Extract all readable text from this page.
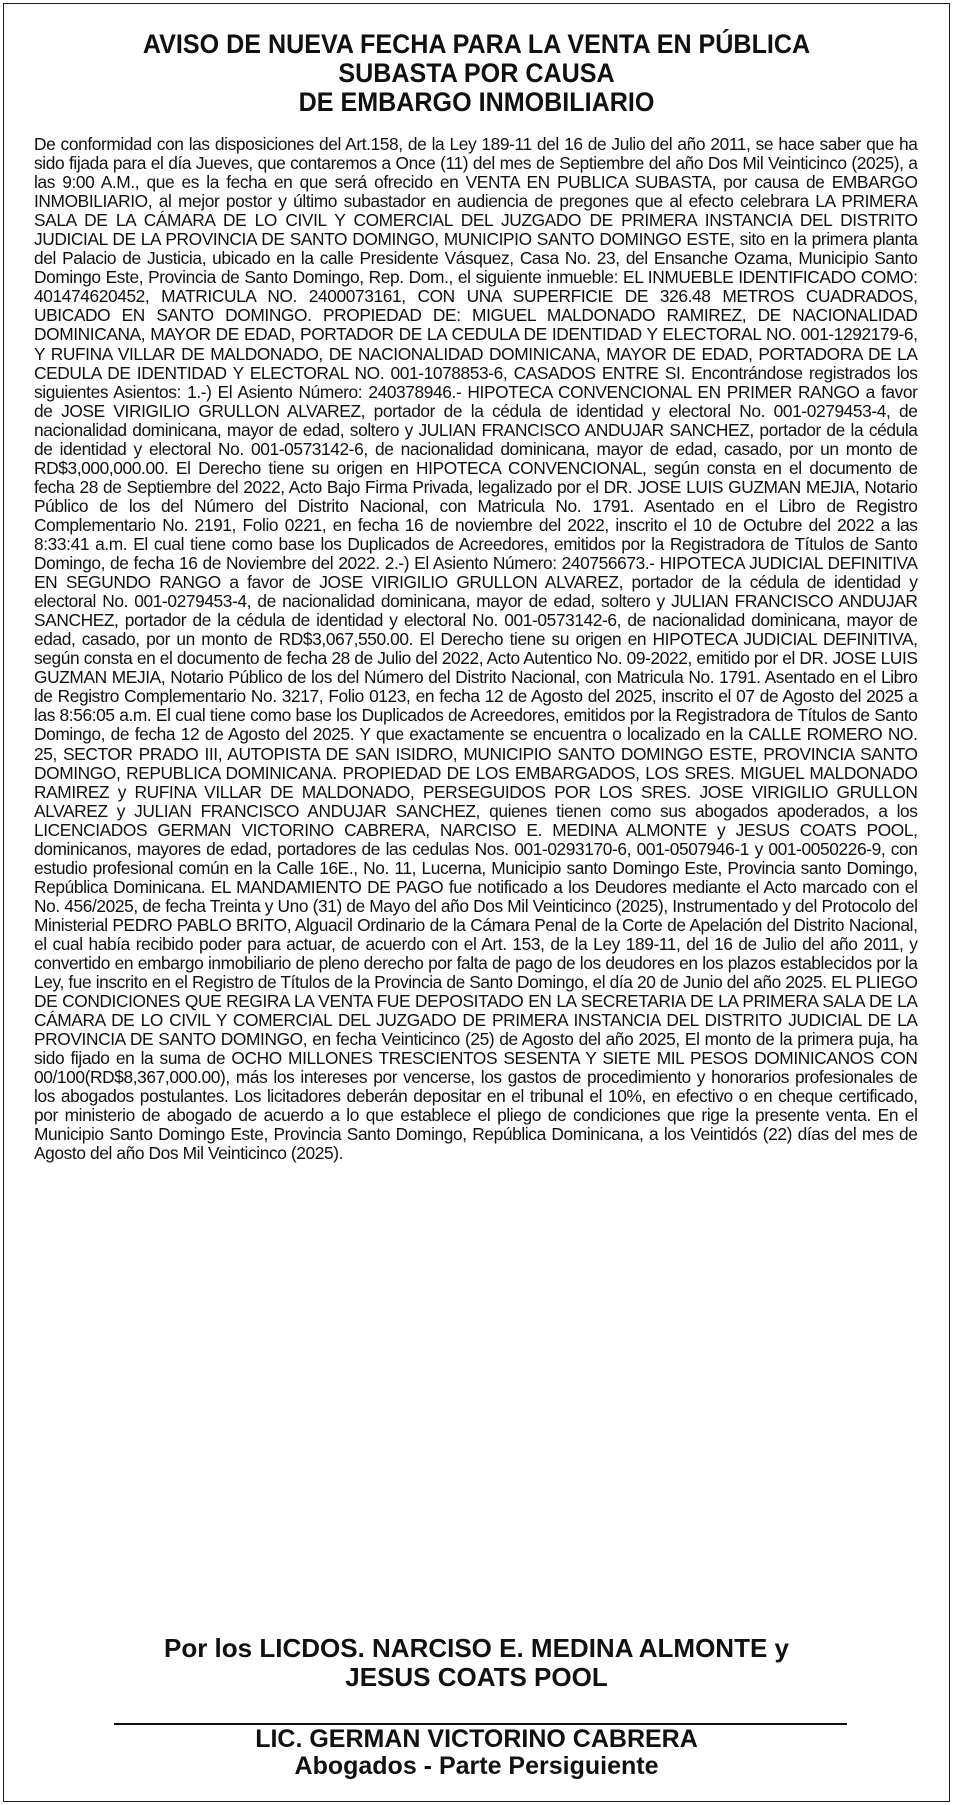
AVISO DE NUEVA FECHA PARA LA VENTA EN PÚBLICA
SUBASTA POR CAUSA
DE EMBARGO INMOBILIARIO

De conformidad con las disposiciones del Art.158, de la Ley 189-11 del 16 de Julio del año 2011, se hace saber que ha sido fijada para el día Jueves, que contaremos a Once (11) del mes de Septiembre del año Dos Mil Veinticinco (2025), a las 9:00 A.M., que es la fecha en que será ofrecido en VENTA EN PUBLICA SUBASTA, por causa de EMBARGO INMOBILIARIO, al mejor postor y último subastador en audiencia de pregones que al efecto celebrara LA PRIMERA SALA DE LA CÁMARA DE LO CIVIL Y COMERCIAL DEL JUZGADO DE PRIMERA INSTANCIA DEL DISTRITO JUDICIAL DE LA PROVINCIA DE SANTO DOMINGO, MUNICIPIO SANTO DOMINGO ESTE, sito en la primera planta del Palacio de Justicia, ubicado en la calle Presidente Vásquez, Casa No. 23, del Ensanche Ozama, Municipio Santo Domingo Este, Provincia de Santo Domingo, Rep. Dom., el siguiente inmueble: EL INMUEBLE IDENTIFICADO COMO: 401474620452, MATRICULA NO. 2400073161, CON UNA SUPERFICIE DE 326.48 METROS CUADRADOS, UBICADO EN SANTO DOMINGO. PROPIEDAD DE: MIGUEL MALDONADO RAMIREZ, DE NACIONALIDAD DOMINICANA, MAYOR DE EDAD, PORTADOR DE LA CEDULA DE IDENTIDAD Y ELECTORAL NO. 001-1292179-6, Y RUFINA VILLAR DE MALDONADO, DE NACIONALIDAD DOMINICANA, MAYOR DE EDAD, PORTADORA DE LA CEDULA DE IDENTIDAD Y ELECTORAL NO. 001-1078853-6, CASADOS ENTRE SI. Encontrándose registrados los siguientes Asientos: 1.-) El Asiento Número: 240378946.- HIPOTECA CONVENCIONAL EN PRIMER RANGO a favor de JOSE VIRIGILIO GRULLON ALVAREZ, portador de la cédula de identidad y electoral No. 001-0279453-4, de nacionalidad dominicana, mayor de edad, soltero y JULIAN FRANCISCO ANDUJAR SANCHEZ, portador de la cédula de identidad y electoral No. 001-0573142-6, de nacionalidad dominicana, mayor de edad, casado, por un monto de RD$3,000,000.00. El Derecho tiene su origen en HIPOTECA CONVENCIONAL, según consta en el documento de fecha 28 de Septiembre del 2022, Acto Bajo Firma Privada, legalizado por el DR. JOSE LUIS GUZMAN MEJIA, Notario Público de los del Número del Distrito Nacional, con Matricula No. 1791. Asentado en el Libro de Registro Complementario No. 2191, Folio 0221, en fecha 16 de noviembre del 2022, inscrito el 10 de Octubre del 2022 a las 8:33:41 a.m. El cual tiene como base los Duplicados de Acreedores, emitidos por la Registradora de Títulos de Santo Domingo, de fecha 16 de Noviembre del 2022. 2.-) El Asiento Número: 240756673.- HIPOTECA JUDICIAL DEFINITIVA EN SEGUNDO RANGO a favor de JOSE VIRIGILIO GRULLON ALVAREZ, portador de la cédula de identidad y electoral No. 001-0279453-4, de nacionalidad dominicana, mayor de edad, soltero y JULIAN FRANCISCO ANDUJAR SANCHEZ, portador de la cédula de identidad y electoral No. 001-0573142-6, de nacionalidad dominicana, mayor de edad, casado, por un monto de RD$3,067,550.00. El Derecho tiene su origen en HIPOTECA JUDICIAL DEFINITIVA, según consta en el documento de fecha 28 de Julio del 2022, Acto Autentico No. 09-2022, emitido por el DR. JOSE LUIS GUZMAN MEJIA, Notario Público de los del Número del Distrito Nacional, con Matricula No. 1791. Asentado en el Libro de Registro Complementario No. 3217, Folio 0123, en fecha 12 de Agosto del 2025, inscrito el 07 de Agosto del 2025 a las 8:56:05 a.m. El cual tiene como base los Duplicados de Acreedores, emitidos por la Registradora de Títulos de Santo Domingo, de fecha 12 de Agosto del 2025. Y que exactamente se encuentra o localizado en la CALLE ROMERO NO. 25, SECTOR PRADO III, AUTOPISTA DE SAN ISIDRO, MUNICIPIO SANTO DOMINGO ESTE, PROVINCIA SANTO DOMINGO, REPUBLICA DOMINICANA. PROPIEDAD DE LOS EMBARGADOS, LOS SRES. MIGUEL MALDONADO RAMIREZ y RUFINA VILLAR DE MALDONADO, PERSEGUIDOS POR LOS SRES. JOSE VIRIGILIO GRULLON ALVAREZ y JULIAN FRANCISCO ANDUJAR SANCHEZ, quienes tienen como sus abogados apoderados, a los LICENCIADOS GERMAN VICTORINO CABRERA, NARCISO E. MEDINA ALMONTE y JESUS COATS POOL, dominicanos, mayores de edad, portadores de las cedulas Nos. 001-0293170-6, 001-0507946-1 y 001-0050226-9, con estudio profesional común en la Calle 16E., No. 11, Lucerna, Municipio santo Domingo Este, Provincia santo Domingo, República Dominicana. EL MANDAMIENTO DE PAGO fue notificado a los Deudores mediante el Acto marcado con el No. 456/2025, de fecha Treinta y Uno (31) de Mayo del año Dos Mil Veinticinco (2025), Instrumentado y del Protocolo del Ministerial PEDRO PABLO BRITO, Alguacil Ordinario de la Cámara Penal de la Corte de Apelación del Distrito Nacional, el cual había recibido poder para actuar, de acuerdo con el Art. 153, de la Ley 189-11, del 16 de Julio del año 2011, y convertido en embargo inmobiliario de pleno derecho por falta de pago de los deudores en los plazos establecidos por la Ley, fue inscrito en el Registro de Títulos de la Provincia de Santo Domingo, el día 20 de Junio del año 2025. EL PLIEGO DE CONDICIONES QUE REGIRA LA VENTA FUE DEPOSITADO EN LA SECRETARIA DE LA PRIMERA SALA DE LA CÁMARA DE LO CIVIL Y COMERCIAL DEL JUZGADO DE PRIMERA INSTANCIA DEL DISTRITO JUDICIAL DE LA PROVINCIA DE SANTO DOMINGO, en fecha Veinticinco (25) de Agosto del año 2025, El monto de la primera puja, ha sido fijado en la suma de OCHO MILLONES TRESCIENTOS SESENTA Y SIETE MIL PESOS DOMINICANOS CON 00/100(RD$8,367,000.00), más los intereses por vencerse, los gastos de procedimiento y honorarios profesionales de los abogados postulantes. Los licitadores deberán depositar en el tribunal el 10%, en efectivo o en cheque certificado, por ministerio de abogado de acuerdo a lo que establece el pliego de condiciones que rige la presente venta. En el Municipio Santo Domingo Este, Provincia Santo Domingo, República Dominicana, a los Veintidós (22) días del mes de Agosto del año Dos Mil Veinticinco (2025).

Por los LICDOS. NARCISO E. MEDINA ALMONTE y
JESUS COATS POOL
LIC. GERMAN VICTORINO CABRERA
Abogados - Parte Persiguiente
